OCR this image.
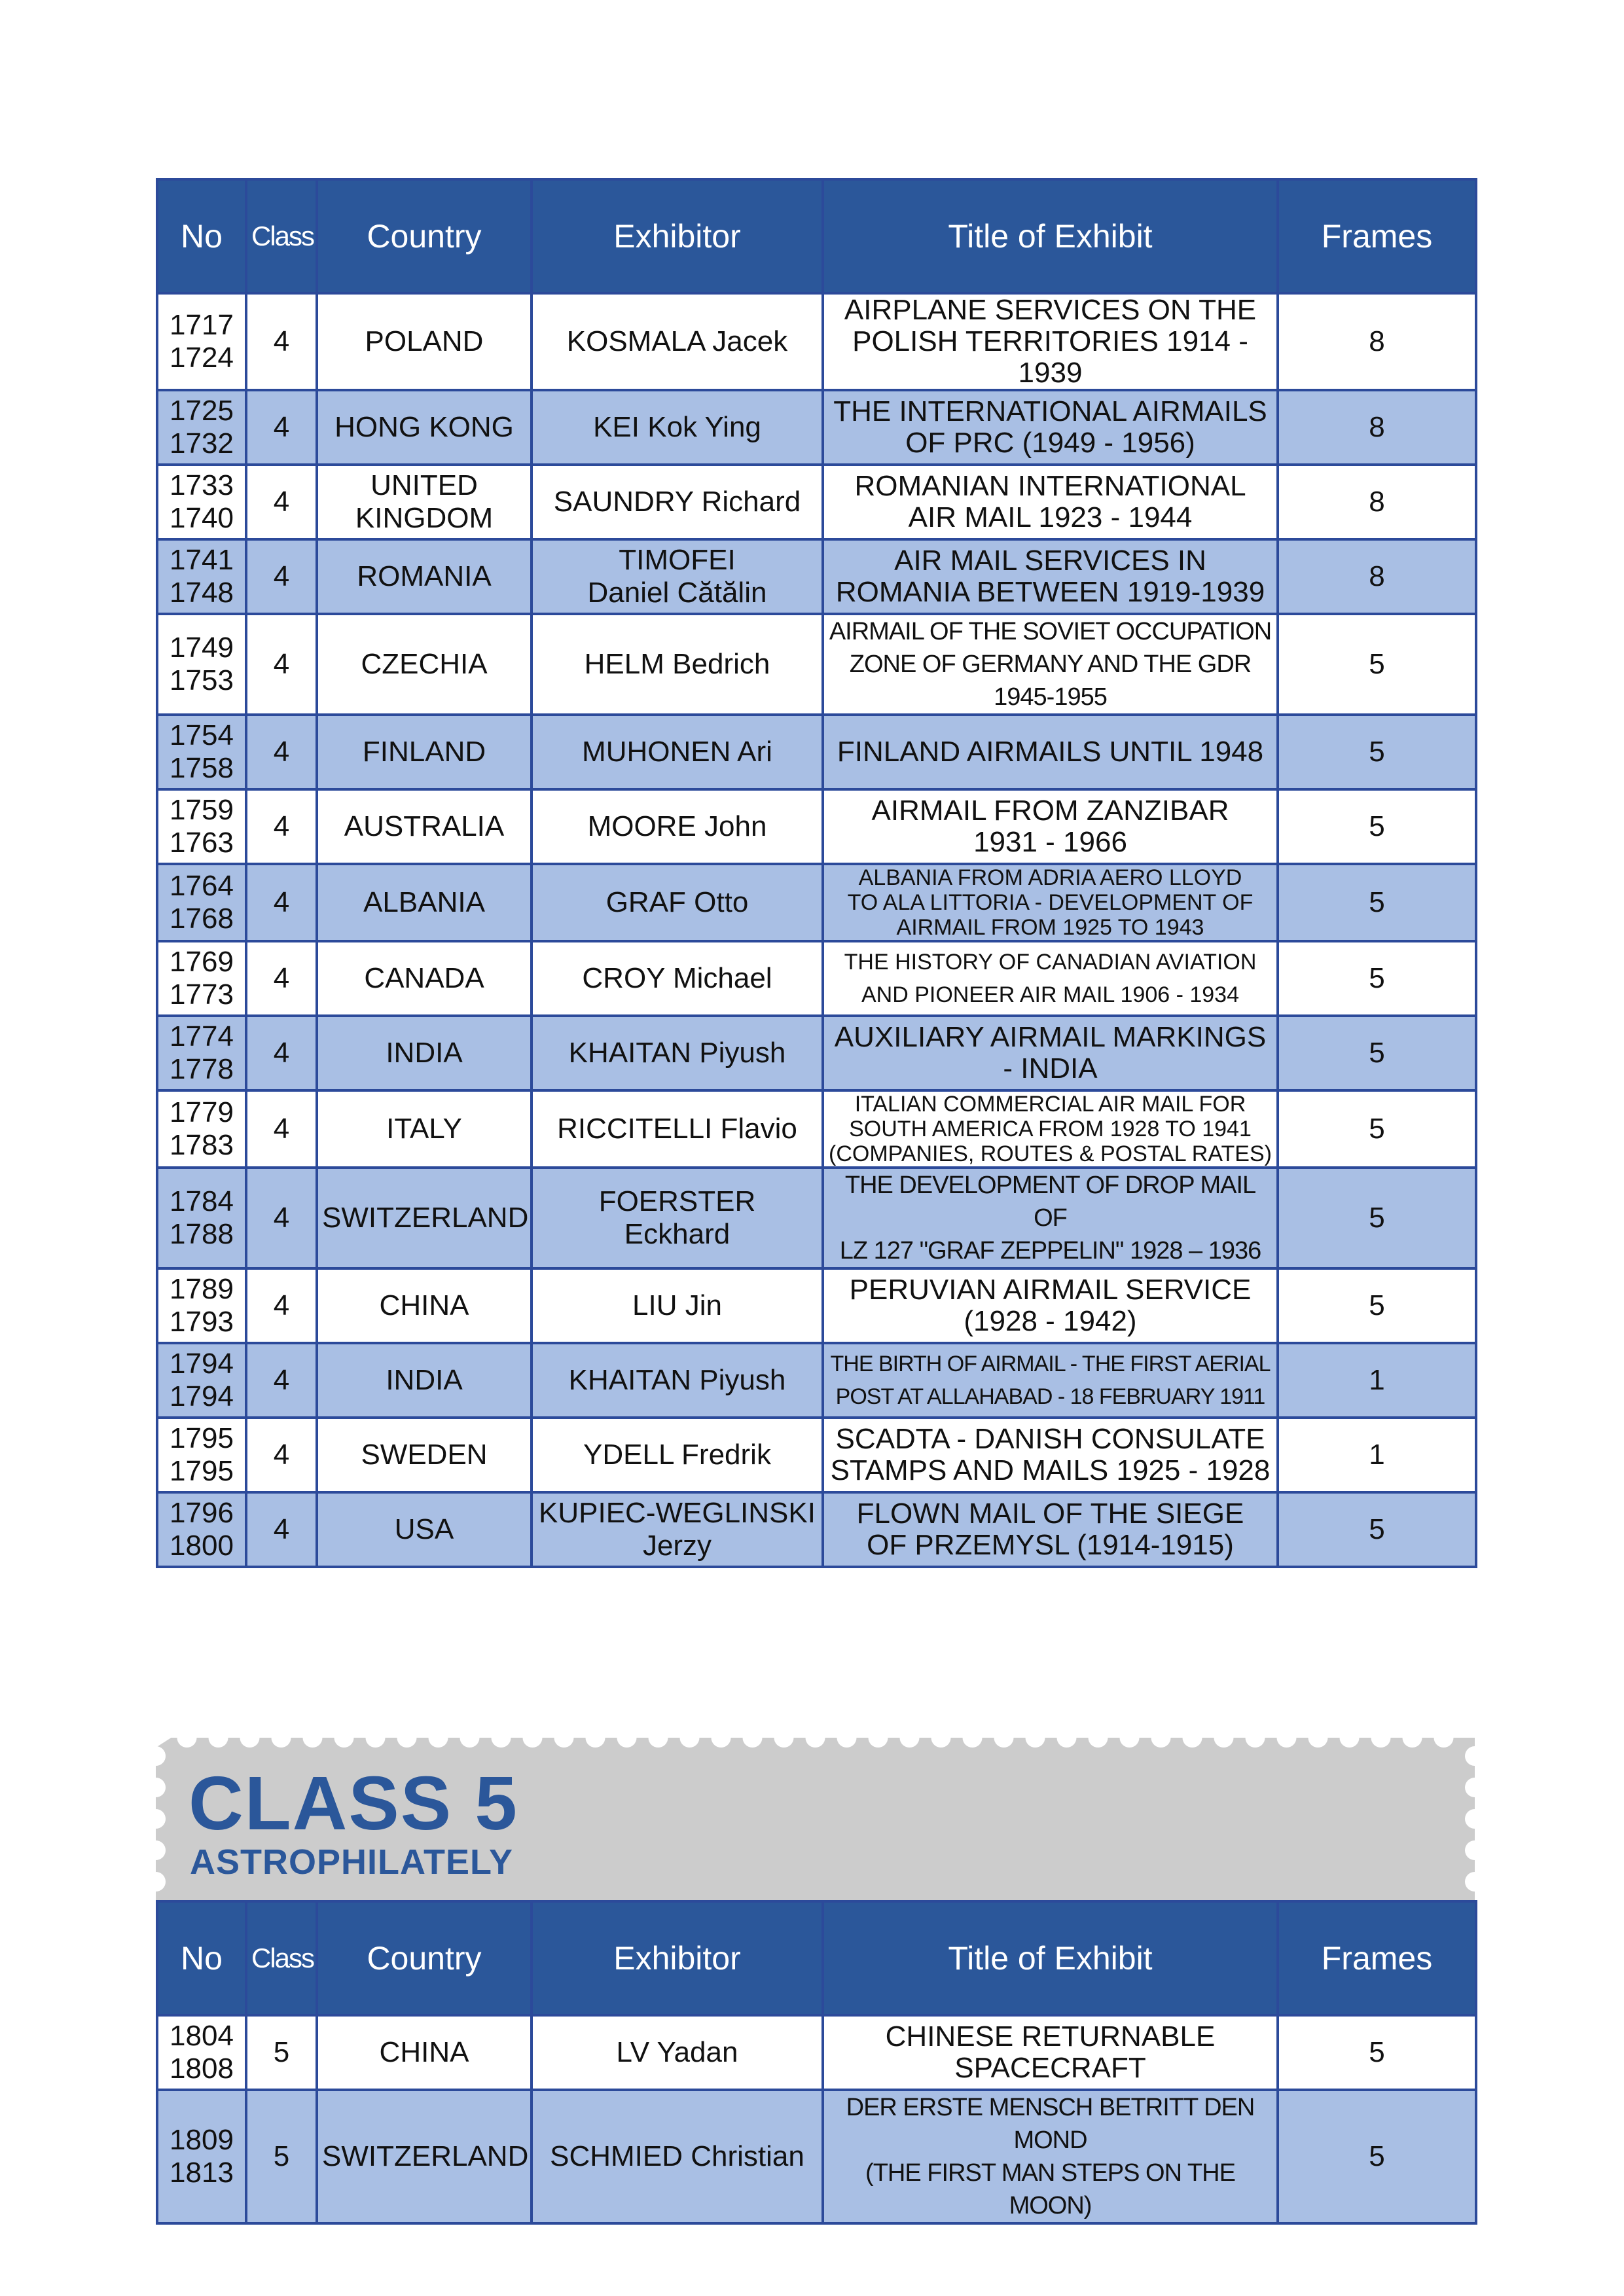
No	Class	Country	Exhibitor	Title of Exhibit	Frames

1717
1724	4	POLAND	KOSMALA Jacek	AIRPLANE SERVICES ON THE
POLISH TERRITORIES 1914 - 1939	8

1725
1732	4	HONG KONG	KEI Kok Ying	THE INTERNATIONAL AIRMAILS
OF PRC (1949 - 1956)	8

1733
1740	4	UNITED
KINGDOM	SAUNDRY Richard	ROMANIAN INTERNATIONAL
AIR MAIL 1923 - 1944	8

1741
1748	4	ROMANIA	TIMOFEI
Daniel Cătălin	AIR MAIL SERVICES IN
ROMANIA BETWEEN 1919-1939	8

1749
1753	4	CZECHIA	HELM Bedrich	AIRMAIL OF THE SOVIET OCCUPATION
ZONE OF GERMANY AND THE GDR 1945-1955	5

1754
1758	4	FINLAND	MUHONEN Ari	FINLAND AIRMAILS UNTIL 1948	5

1759
1763	4	AUSTRALIA	MOORE John	AIRMAIL FROM ZANZIBAR
1931 - 1966	5

1764
1768	4	ALBANIA	GRAF Otto	ALBANIA FROM ADRIA AERO LLOYD
TO ALA LITTORIA - DEVELOPMENT OF
AIRMAIL FROM 1925 TO 1943	5

1769
1773	4	CANADA	CROY Michael	THE HISTORY OF CANADIAN AVIATION
AND PIONEER AIR MAIL 1906 - 1934	5

1774
1778	4	INDIA	KHAITAN Piyush	AUXILIARY AIRMAIL MARKINGS
- INDIA	5

1779
1783	4	ITALY	RICCITELLI Flavio	ITALIAN COMMERCIAL AIR MAIL FOR
SOUTH AMERICA FROM 1928 TO 1941
(COMPANIES, ROUTES & POSTAL RATES)	5

1784
1788	4	SWITZERLAND	FOERSTER
Eckhard	THE DEVELOPMENT OF DROP MAIL OF
LZ 127 "GRAF ZEPPELIN" 1928 – 1936	5

1789
1793	4	CHINA	LIU Jin	PERUVIAN AIRMAIL SERVICE
(1928 - 1942)	5

1794
1794	4	INDIA	KHAITAN Piyush	THE BIRTH OF AIRMAIL - THE FIRST AERIAL
POST AT ALLAHABAD - 18 FEBRUARY 1911	1

1795
1795	4	SWEDEN	YDELL Fredrik	SCADTA - DANISH CONSULATE
STAMPS AND MAILS 1925 - 1928	1

1796
1800	4	USA	KUPIEC-WEGLINSKI
Jerzy	FLOWN MAIL OF THE SIEGE
OF PRZEMYSL (1914-1915)	5
CLASS 5
ASTROPHILATELY
No	Class	Country	Exhibitor	Title of Exhibit	Frames

1804
1808	5	CHINA	LV Yadan	CHINESE RETURNABLE
SPACECRAFT	5

1809
1813	5	SWITZERLAND	SCHMIED Christian	DER ERSTE MENSCH BETRITT DEN MOND
(THE FIRST MAN STEPS ON THE MOON)	5
